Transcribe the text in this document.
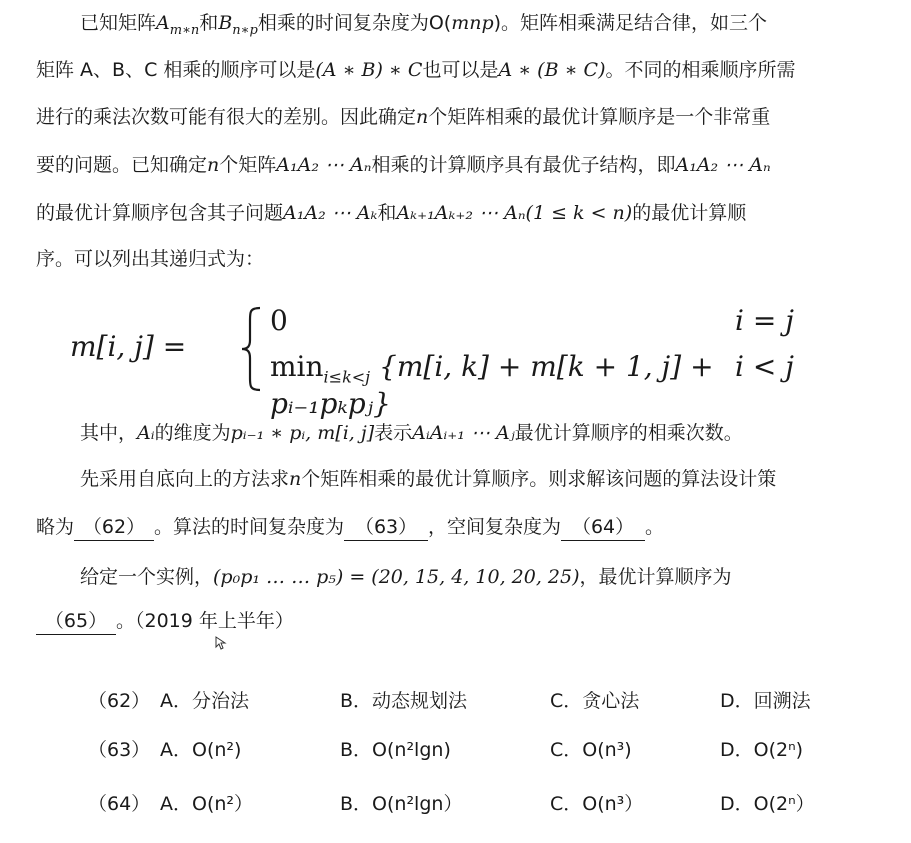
已知矩阵$A_{m∗n}$和$B_{n∗p}$相乘的时间复杂度为O(mnp)。矩阵相乘满足结合律，如三个
矩阵 A、B、C 相乘的顺序可以是(A ∗ B) ∗ C也可以是A ∗ (B ∗ C)。不同的相乘顺序所需
进行的乘法次数可能有很大的差别。因此确定n个矩阵相乘的最优计算顺序是一个非常重
要的问题。已知确定n个矩阵A₁A₂ ⋯ Aₙ相乘的计算顺序具有最优子结构，即A₁A₂ ⋯ Aₙ
的最优计算顺序包含其子问题A₁A₂ ⋯ Aₖ和Aₖ₊₁Aₖ₊₂ ⋯ Aₙ(1 ≤ k < n)的最优计算顺
序。可以列出其递归式为：
m[i, j] =
0
$\min_{i\le k<j} \{m[i$, k] + m[k + 1, j] + pᵢ₋₁pₖpⱼ}
i = j
i < j
其中，Aᵢ的维度为pᵢ₋₁ ∗ pᵢ, m[i, j]表示AᵢAᵢ₊₁ ⋯ Aⱼ最优计算顺序的相乘次数。
先采用自底向上的方法求n个矩阵相乘的最优计算顺序。则求解该问题的算法设计策
略为 （62） 。算法的时间复杂度为 （63） ，空间复杂度为 （64） 。
给定一个实例，(p₀p₁ … … p₅) = (20, 15, 4, 10, 20, 25)，最优计算顺序为
（65） 。（2019 年上半年）
（62） A．分治法	B．动态规划法	C．贪心法	D．回溯法
（63） A．O(n²)	B．O(n²lgn)	C．O(n³)	D．O(2ⁿ)
（64） A．O(n²）	B．O(n²lgn）	C．O(n³）	D．O(2ⁿ）
